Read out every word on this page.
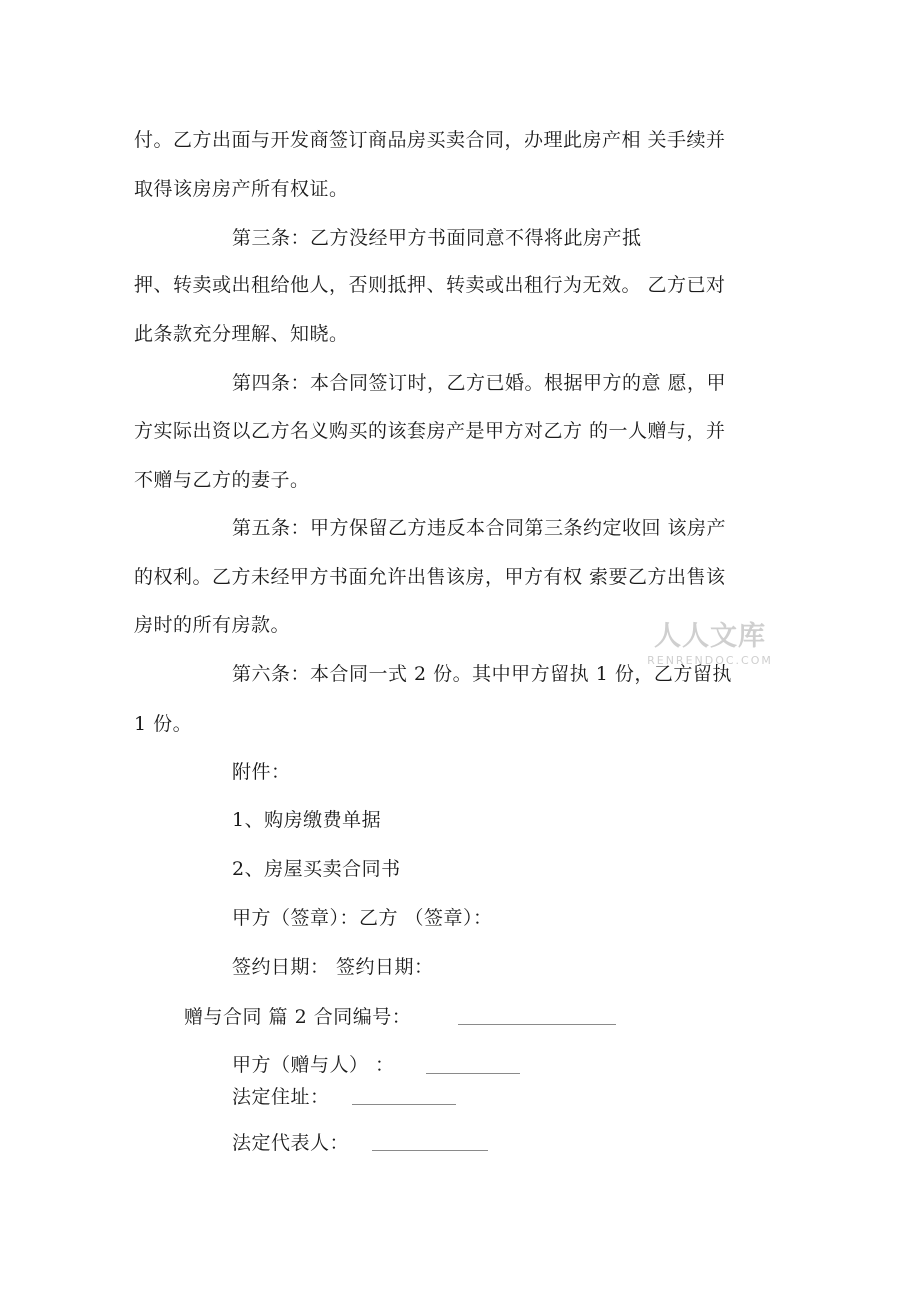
付。乙方出面与开发商签订商品房买卖合同，办理此房产相 关手续并

取得该房房产所有权证。

第三条：乙方没经甲方书面同意不得将此房产抵

押、转卖或出租给他人，否则抵押、转卖或出租行为无效。 乙方已对

此条款充分理解、知晓。

第四条：本合同签订时，乙方已婚。根据甲方的意 愿，甲

方实际出资以乙方名义购买的该套房产是甲方对乙方 的一人赠与，并

不赠与乙方的妻子。

第五条：甲方保留乙方违反本合同第三条约定收回 该房产

的权利。乙方未经甲方书面允许出售该房，甲方有权 索要乙方出售该

房时的所有房款。

第六条：本合同一式 2 份。其中甲方留执 1 份，乙方留执

1 份。

附件：

1、购房缴费单据

2、房屋买卖合同书

甲方（签章）：乙方 （签章）：

签约日期： 签约日期：

赠与合同 篇 2 合同编号：

甲方（赠与人） ：

法定住址：

法定代表人：

人人文库
RENRENDOC.COM
